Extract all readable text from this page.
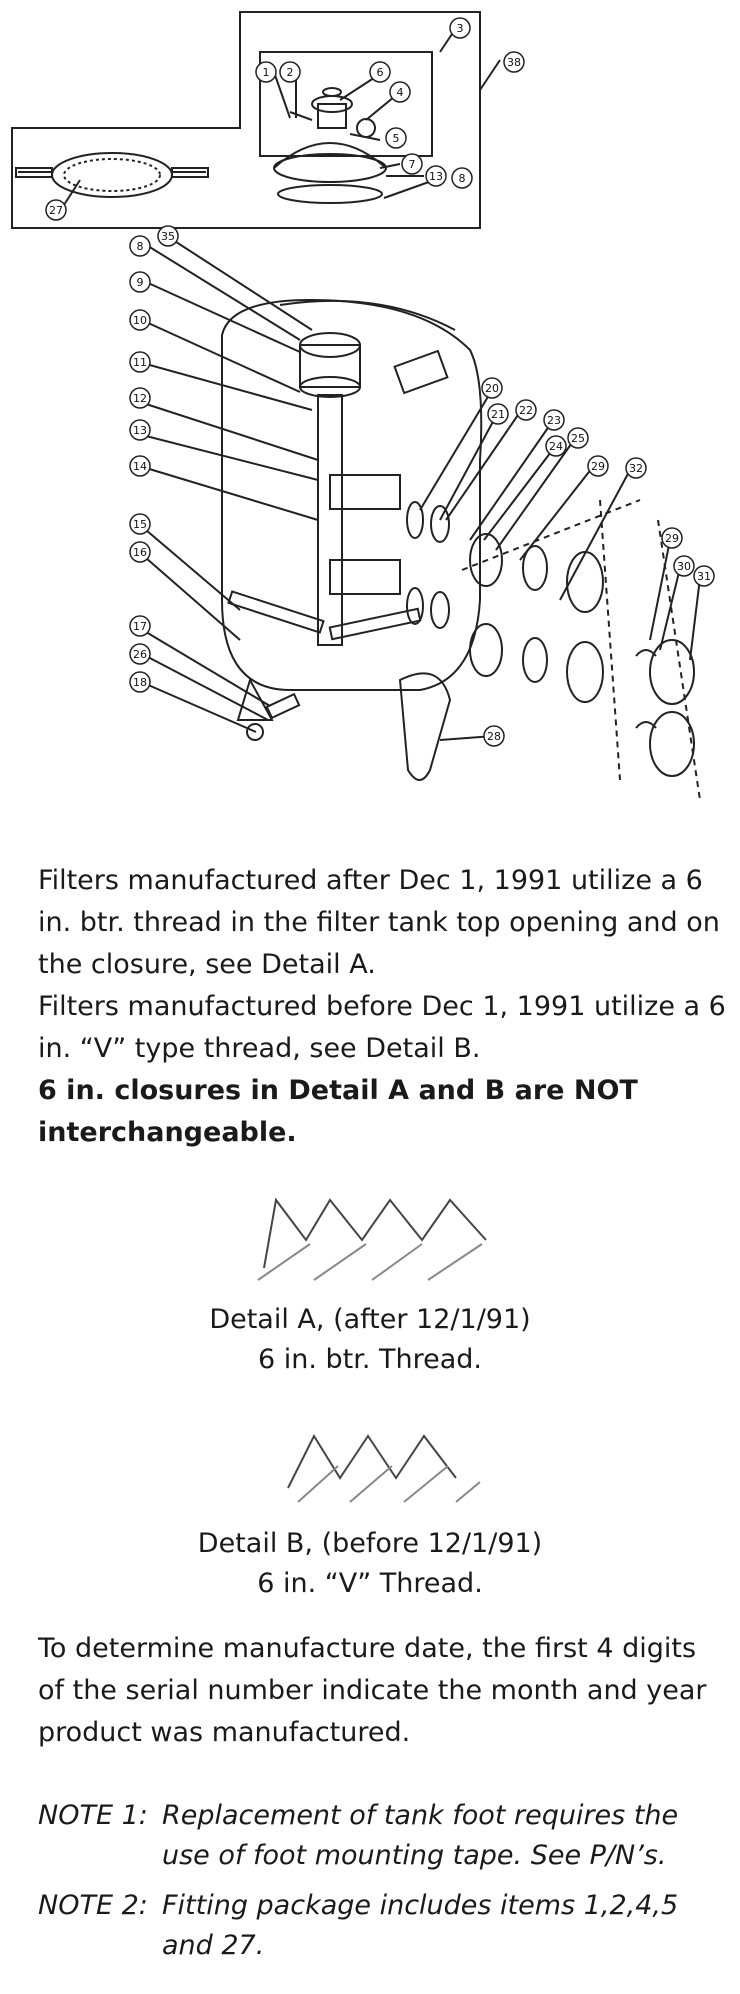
1 2
3
4
5
6
7
13 8
38
27
8
35
9
10
11
12
13
14
15
16
17
26
18
20
21 22
23
24
25
29 32
29
30
31
28

Filters manufactured after Dec 1, 1991 utilize a 6 in. btr. thread in the filter tank top opening and on the closure, see Detail A.

Filters manufactured before Dec 1, 1991 utilize a 6 in. “V” type thread, see Detail B.

6 in. closures in Detail A and B are NOT interchangeable.

Detail A, (after 12/1/91)
6 in. btr. Thread.
Detail B, (before 12/1/91)
6 in. “V” Thread.

To determine manufacture date, the first 4 digits of the serial number indicate the month and year product was manufactured.

NOTE 1: Replacement of tank foot requires the use of foot mounting tape. See P/N’s.
NOTE 2: Fitting package includes items 1,2,4,5 and 27.
